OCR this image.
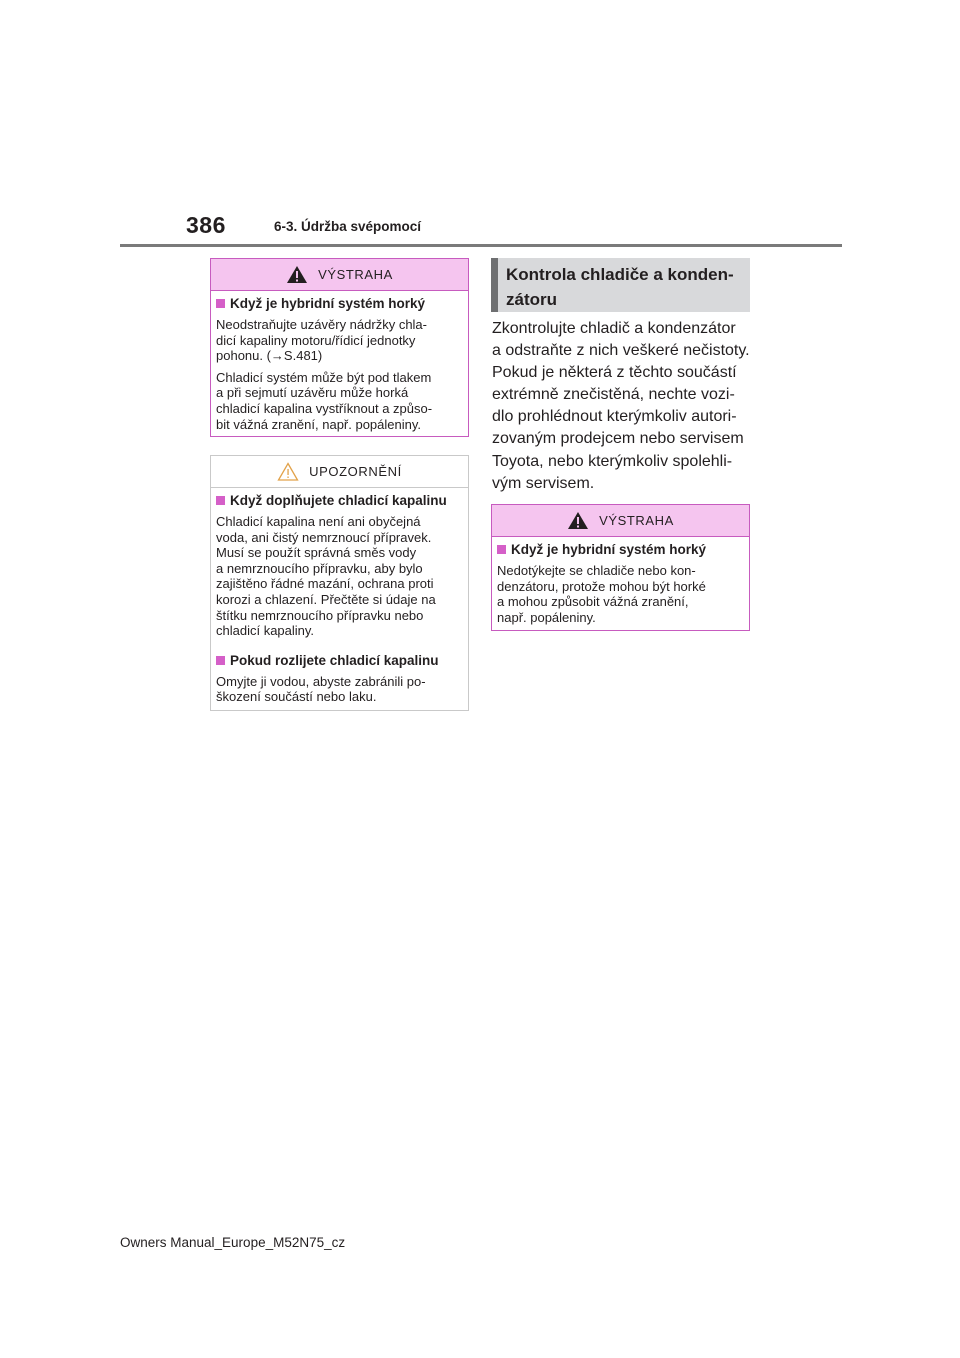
386	6-3. Údržba svépomocí
VÝSTRAHA
Když je hybridní systém horký

Neodstraňujte uzávěry nádržky chla-
dicí kapaliny motoru/řídicí jednotky
pohonu. (→S.481)

Chladicí systém může být pod tlakem
a při sejmutí uzávěru může horká
chladicí kapalina vystříknout a způso-
bit vážná zranění, např. popáleniny.

UPOZORNĚNÍ
Když doplňujete chladicí kapalinu

Chladicí kapalina není ani obyčejná
voda, ani čistý nemrznoucí přípravek.
Musí se použít správná směs vody
a nemrznoucího přípravku, aby bylo
zajištěno řádné mazání, ochrana proti
korozi a chlazení. Přečtěte si údaje na
štítku nemrznoucího přípravku nebo
chladicí kapaliny.

Pokud rozlijete chladicí kapalinu

Omyjte ji vodou, abyste zabránili po-
škození součástí nebo laku.

Kontrola chladiče a konden-
zátoru
Zkontrolujte chladič a kondenzátor
a odstraňte z nich veškeré nečistoty.
Pokud je některá z těchto součástí
extrémně znečistěná, nechte vozi-
dlo prohlédnout kterýmkoliv autori-
zovaným prodejcem nebo servisem
Toyota, nebo kterýmkoliv spolehli-
vým servisem.
VÝSTRAHA
Když je hybridní systém horký

Nedotýkejte se chladiče nebo kon-
denzátoru, protože mohou být horké
a mohou způsobit vážná zranění,
např. popáleniny.

Owners Manual_Europe_M52N75_cz
